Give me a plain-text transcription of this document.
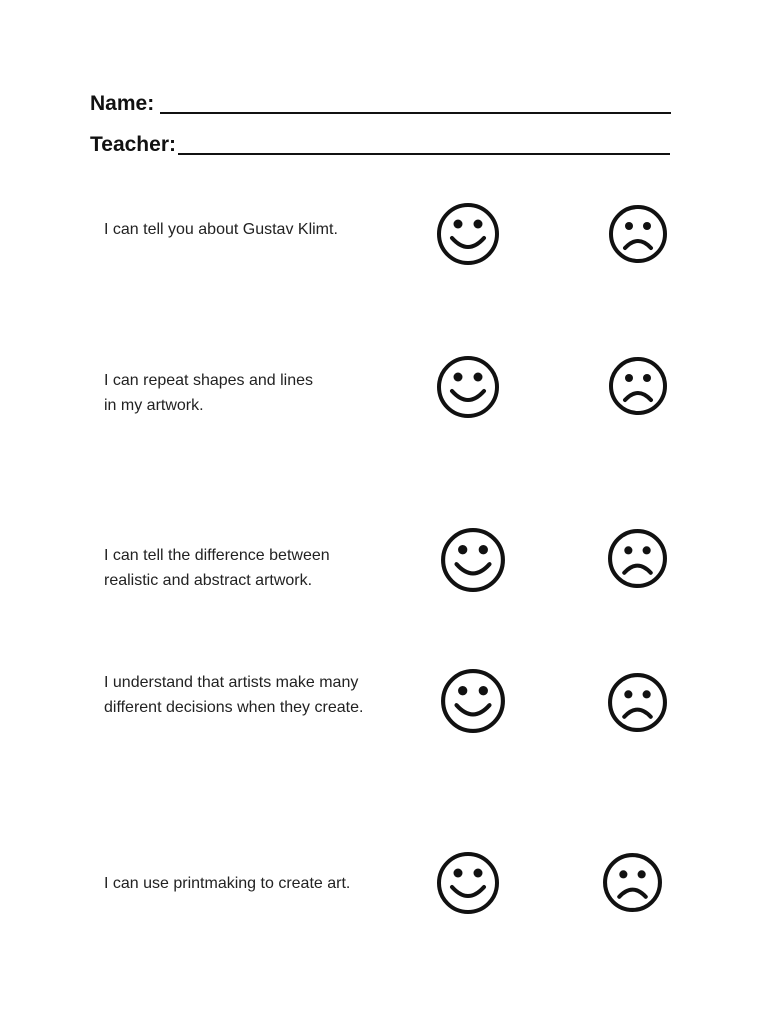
Name:
Teacher:
I can tell you about Gustav Klimt.
I can repeat shapes and lines
in my artwork.
I can tell the difference between
realistic and abstract artwork.
I understand that artists make many
different decisions when they create.
I can use printmaking to create art.
